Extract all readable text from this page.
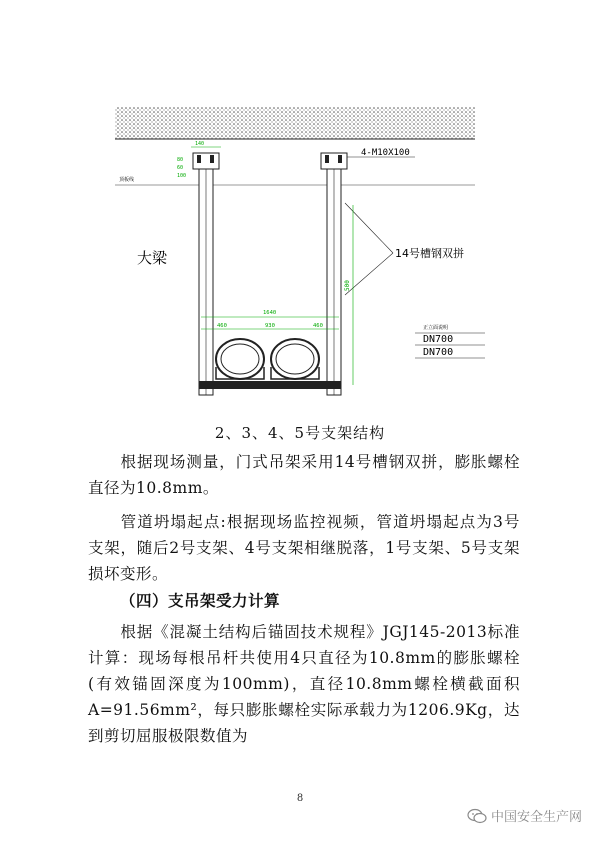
顶板线
140
80
60
100
4-M10X100
大梁	14号槽钢双拼
500
1640
460	930	460	正立面说明
DN700
DN700
2、3、4、5号支架结构

根据现场测量，门式吊架采用14号槽钢双拼，膨胀螺栓直径为10.8mm。

管道坍塌起点:根据现场监控视频，管道坍塌起点为3号支架，随后2号支架、4号支架相继脱落，1号支架、5号支架损坏变形。

（四）支吊架受力计算

根据《混凝土结构后锚固技术规程》JGJ145-2013标准计算：现场每根吊杆共使用4只直径为10.8mm的膨胀螺栓(有效锚固深度为100mm)，直径10.8mm螺栓横截面积A=91.56mm²，每只膨胀螺栓实际承载力为1206.9Kg，达到剪切屈服极限数值为

8
中国安全生产网
